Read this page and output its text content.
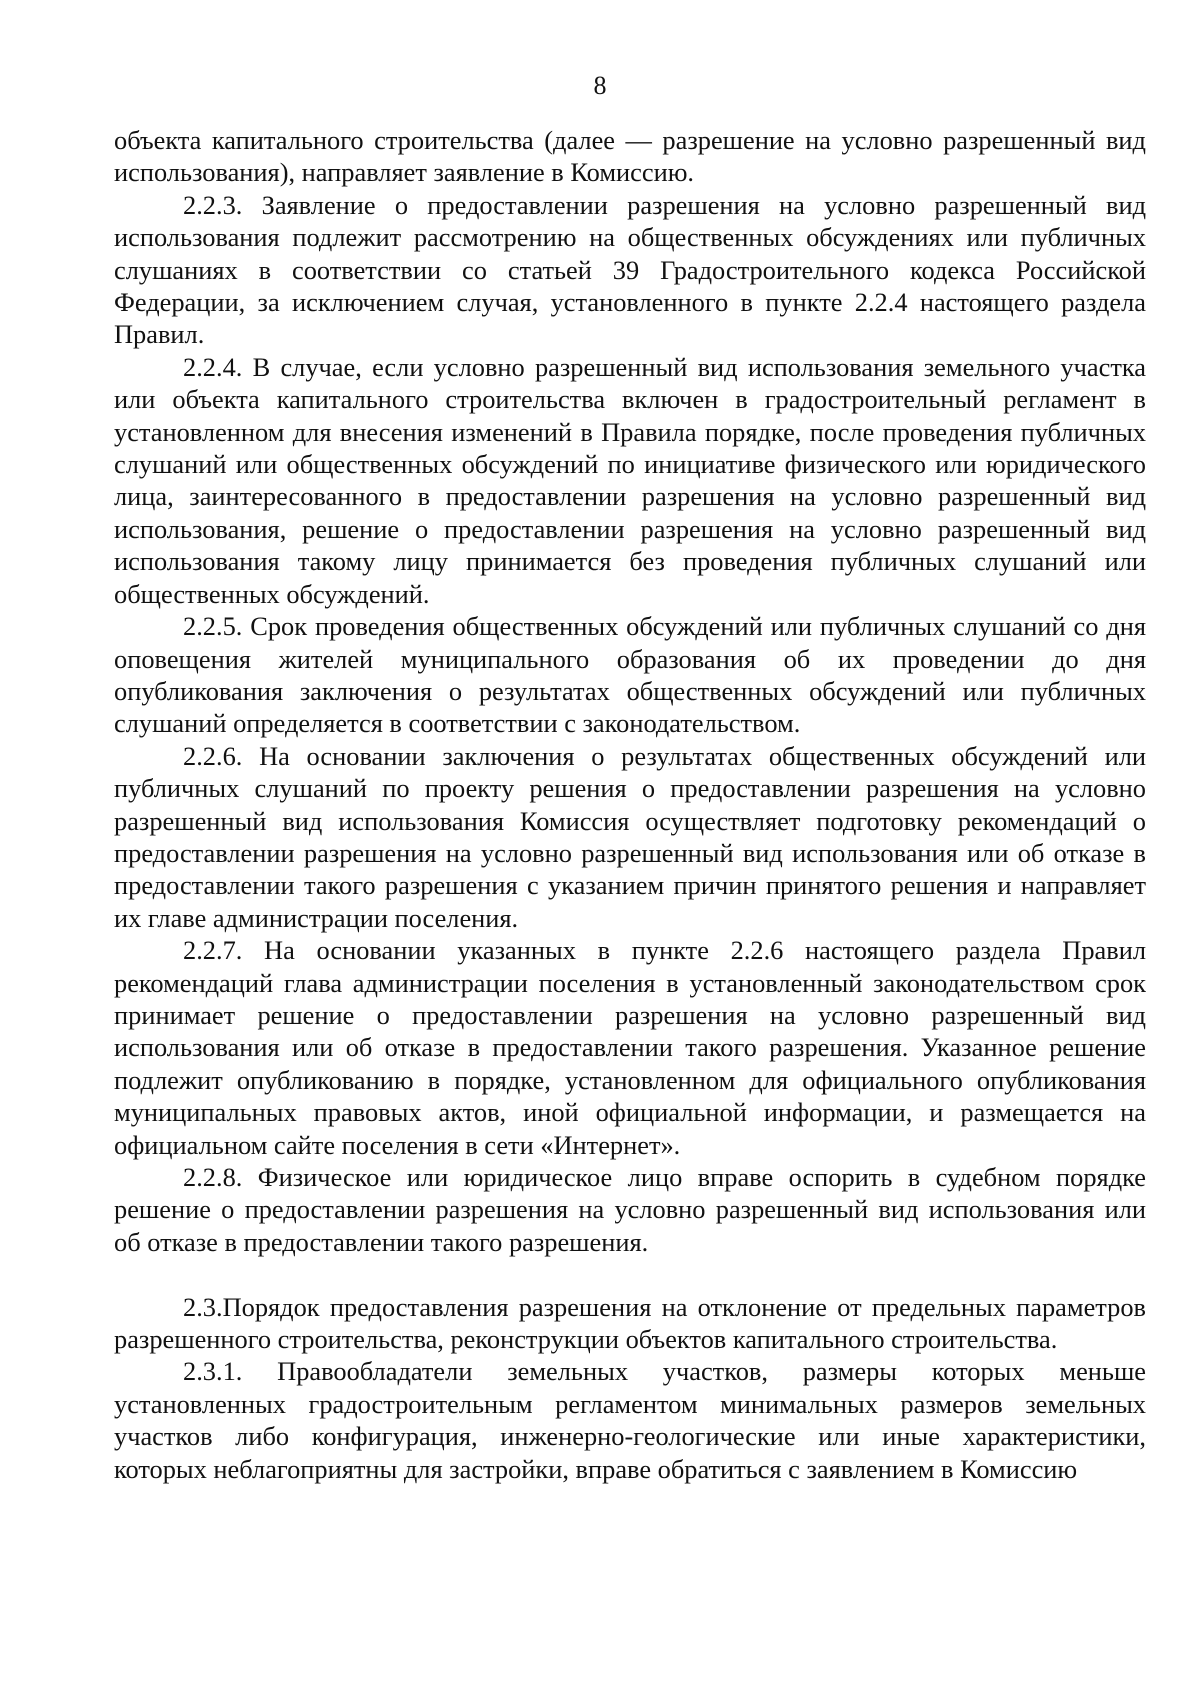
8

объекта капитального строительства (далее — разрешение на условно разрешенный вид использования), направляет заявление в Комиссию.

2.2.3. Заявление о предоставлении разрешения на условно разрешенный вид использования подлежит рассмотрению на общественных обсуждениях или публичных слушаниях в соответствии со статьей 39 Градостроительного кодекса Российской Федерации, за исключением случая, установленного в пункте 2.2.4 настоящего раздела Правил.

2.2.4. В случае, если условно разрешенный вид использования земельного участка или объекта капитального строительства включен в градостроительный регламент в установленном для внесения изменений в Правила порядке, после проведения публичных слушаний или общественных обсуждений по инициативе физического или юридического лица, заинтересованного в предоставлении разрешения на условно разрешенный вид использования, решение о предоставлении разрешения на условно разрешенный вид использования такому лицу принимается без проведения публичных слушаний или общественных обсуждений.

2.2.5. Срок проведения общественных обсуждений или публичных слушаний со дня оповещения жителей муниципального образования об их проведении до дня опубликования заключения о результатах общественных обсуждений или публичных слушаний определяется в соответствии с законодательством.

2.2.6. На основании заключения о результатах общественных обсуждений или публичных слушаний по проекту решения о предоставлении разрешения на условно разрешенный вид использования Комиссия осуществляет подготовку рекомендаций о предоставлении разрешения на условно разрешенный вид использования или об отказе в предоставлении такого разрешения с указанием причин принятого решения и направляет их главе администрации поселения.

2.2.7. На основании указанных в пункте 2.2.6 настоящего раздела Правил рекомендаций глава администрации поселения в установленный законодательством срок принимает решение о предоставлении разрешения на условно разрешенный вид использования или об отказе в предоставлении такого разрешения. Указанное решение подлежит опубликованию в порядке, установленном для официального опубликования муниципальных правовых актов, иной официальной информации, и размещается на официальном сайте поселения в сети «Интернет».

2.2.8. Физическое или юридическое лицо вправе оспорить в судебном порядке решение о предоставлении разрешения на условно разрешенный вид использования или об отказе в предоставлении такого разрешения.

2.3.Порядок предоставления разрешения на отклонение от предельных параметров разрешенного строительства, реконструкции объектов капитального строительства.

2.3.1. Правообладатели земельных участков, размеры которых меньше установленных градостроительным регламентом минимальных размеров земельных участков либо конфигурация, инженерно-геологические или иные характеристики, которых неблагоприятны для застройки, вправе обратиться с заявлением в Комиссию
